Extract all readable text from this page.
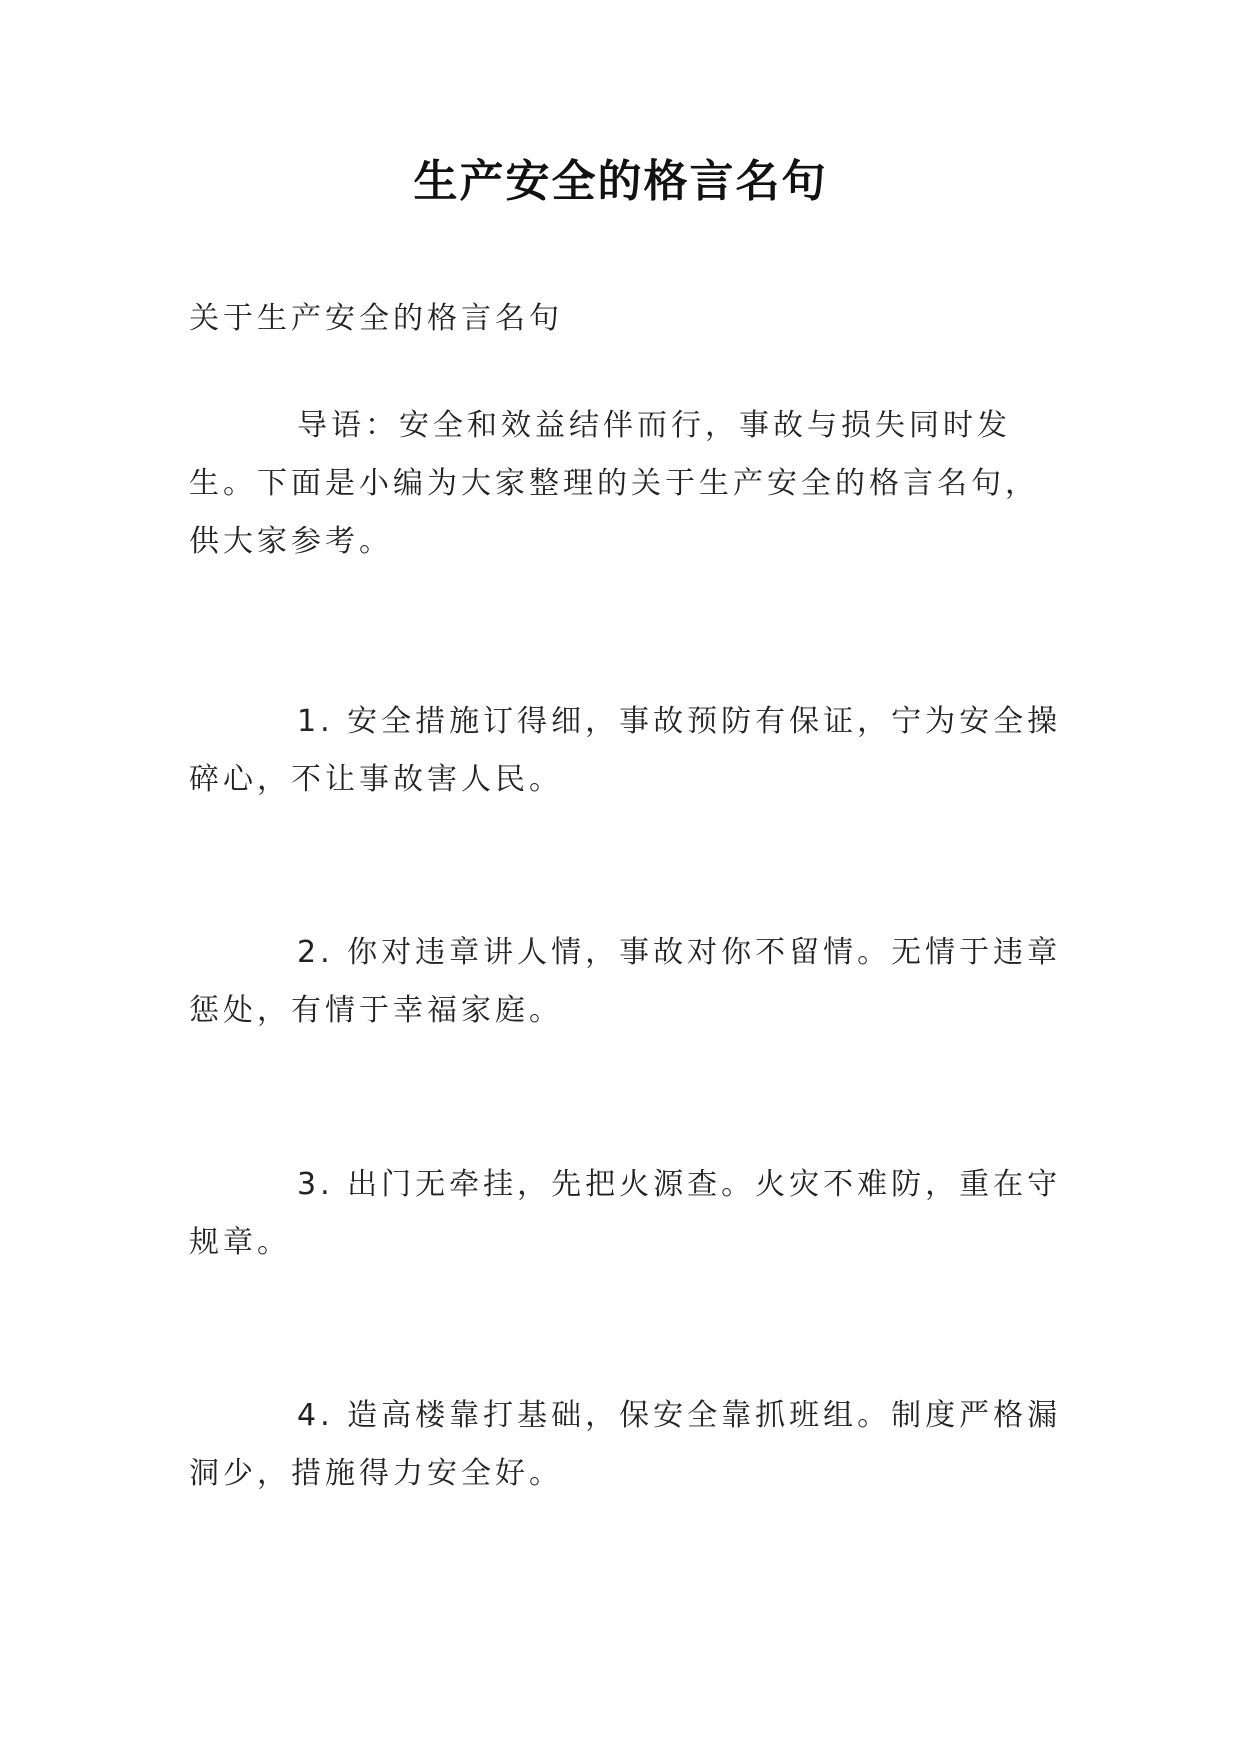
生产安全的格言名句
关于生产安全的格言名句
导语：安全和效益结伴而行，事故与损失同时发生。下面是小编为大家整理的关于生产安全的格言名句，供大家参考。
1. 安全措施订得细，事故预防有保证，宁为安全操碎心，不让事故害人民。
2. 你对违章讲人情，事故对你不留情。无情于违章惩处，有情于幸福家庭。
3. 出门无牵挂，先把火源查。火灾不难防，重在守规章。
4. 造高楼靠打基础，保安全靠抓班组。制度严格漏洞少，措施得力安全好。
